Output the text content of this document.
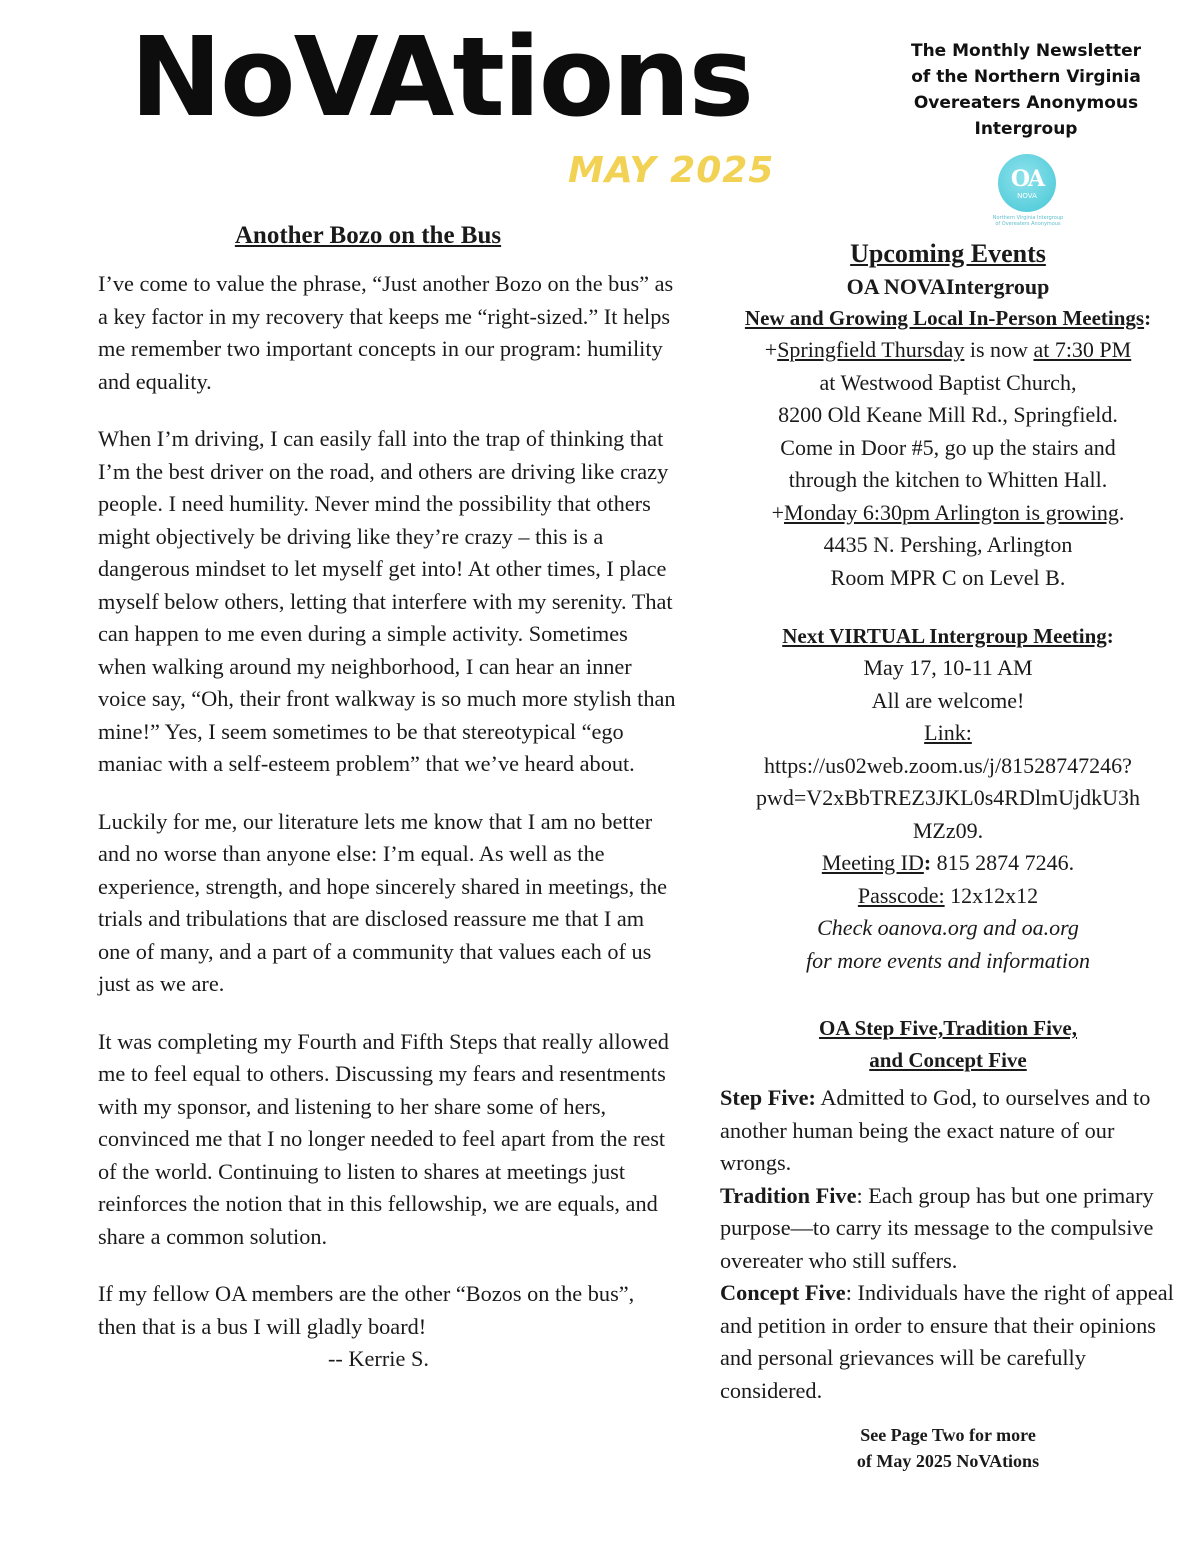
NoVAtions
MAY 2025
The Monthly Newsletter
of the Northern Virginia
Overeaters Anonymous
Intergroup
OA
NOVA
Northern Virginia Intergroup of Overeaters Anonymous
Another Bozo on the Bus

I’ve come to value the phrase, “Just another Bozo on the bus” as a key factor in my recovery that keeps me “right-sized.” It helps me remember two important concepts in our program: humility and equality.

When I’m driving, I can easily fall into the trap of thinking that I’m the best driver on the road, and others are driving like crazy people. I need humility. Never mind the possibility that others might objectively be driving like they’re crazy – this is a dangerous mindset to let myself get into! At other times, I place myself below others, letting that interfere with my serenity. That can happen to me even during a simple activity. Sometimes when walking around my neighborhood, I can hear an inner voice say, “Oh, their front walkway is so much more stylish than mine!” Yes, I seem sometimes to be that stereotypical “ego maniac with a self-esteem problem” that we’ve heard about.

Luckily for me, our literature lets me know that I am no better and no worse than anyone else: I’m equal. As well as the experience, strength, and hope sincerely shared in meetings, the trials and tribulations that are disclosed reassure me that I am one of many, and a part of a community that values each of us just as we are.

It was completing my Fourth and Fifth Steps that really allowed me to feel equal to others. Discussing my fears and resentments with my sponsor, and listening to her share some of hers, convinced me that I no longer needed to feel apart from the rest of the world. Continuing to listen to shares at meetings just reinforces the notion that in this fellowship, we are equals, and share a common solution.

If my fellow OA members are the other “Bozos on the bus”, then that is a bus I will gladly board!

-- Kerrie S.
Upcoming Events
OA NOVAIntergroup
New and Growing Local In-Person Meetings:
+Springfield Thursday is now at 7:30 PM
at Westwood Baptist Church,
8200 Old Keane Mill Rd., Springfield.
Come in Door #5, go up the stairs and
through the kitchen to Whitten Hall.
+Monday 6:30pm Arlington is growing.
4435 N. Pershing, Arlington
Room MPR C on Level B.
Next VIRTUAL Intergroup Meeting:
May 17, 10-11 AM
All are welcome!
Link:
https://us02web.zoom.us/j/81528747246?
pwd=V2xBbTREZ3JKL0s4RDlmUjdkU3h
MZz09.
Meeting ID: 815 2874 7246.
Passcode: 12x12x12
Check oanova.org and oa.org
for more events and information
OA Step Five,Tradition Five,
and Concept Five

Step Five: Admitted to God, to ourselves and to another human being the exact nature of our wrongs.

Tradition Five: Each group has but one primary purpose—to carry its message to the compulsive overeater who still suffers.

Concept Five: Individuals have the right of appeal and petition in order to ensure that their opinions and personal grievances will be carefully considered.

See Page Two for more
of May 2025 NoVAtions
